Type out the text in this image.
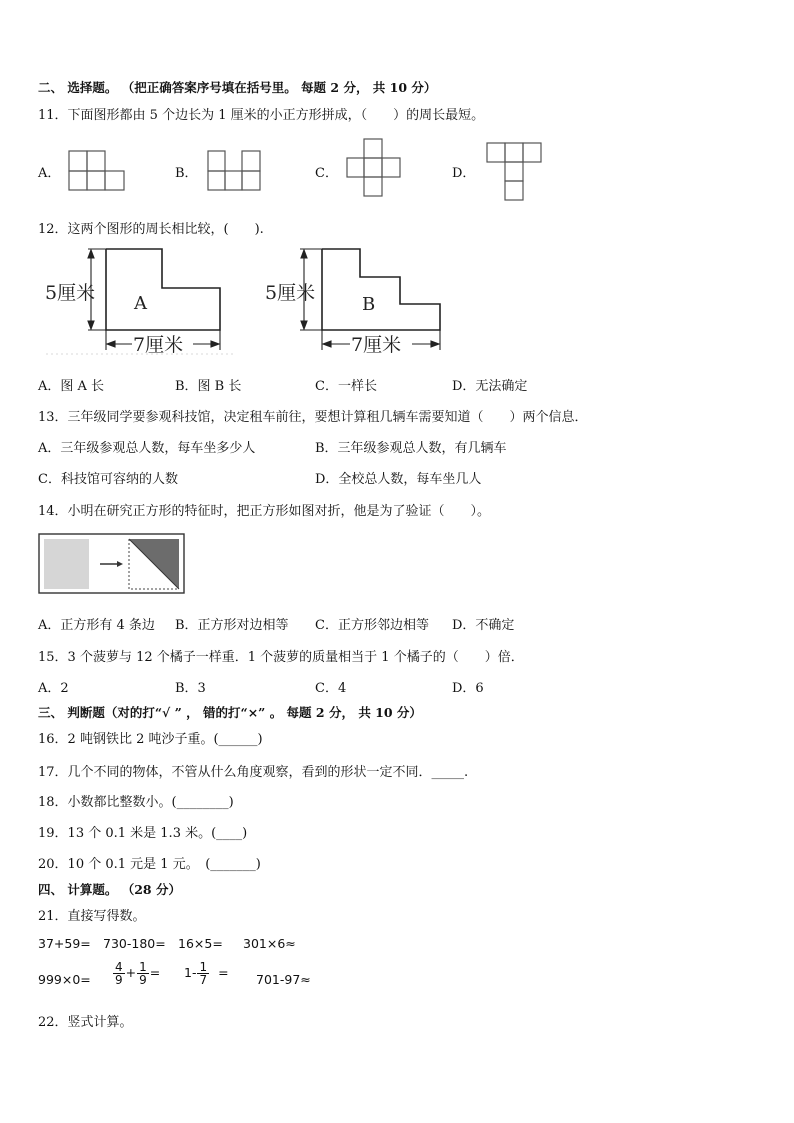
二、 选择题。 （把正确答案序号填在括号里。 每题 2 分， 共 10 分）
11．下面图形都由 5 个边长为 1 厘米的小正方形拼成，（　　）的周长最短。
A．	B．	C．	D．
12．这两个图形的周长相比较，(　　).
5厘米
7厘米
A	5厘米
7厘米
B
A．图 A 长	B．图 B 长	C．一样长	D．无法确定
13．三年级同学要参观科技馆，决定租车前往，要想计算租几辆车需要知道（　　）两个信息．
A．三年级参观总人数，每车坐多少人	B．三年级参观总人数，有几辆车
C．科技馆可容纳的人数	D．全校总人数，每车坐几人
14．小明在研究正方形的特征时，把正方形如图对折，他是为了验证（　　）。
A．正方形有 4 条边 B．正方形对边相等 C．正方形邻边相等 D．不确定
15．3 个菠萝与 12 个橘子一样重．1 个菠萝的质量相当于 1 个橘子的（　　）倍．
A．2	B．3	C．4	D．6
三、 判断题（对的打“√ ” ， 错的打“×” 。 每题 2 分， 共 10 分）
16．2 吨钢铁比 2 吨沙子重。(______)
17．几个不同的物体，不管从什么角度观察，看到的形状一定不同．_____.
18．小数都比整数小。(________)
19．13 个 0.1 米是 1.3 米。(____)
20．10 个 0.1 元是 1 元。　(_______)
四、 计算题。 （28 分）
21．直接写得数。
37+59= 730-180= 16×5= 301×6≈
$999\times 0= \frac{4}{9} + \frac{1}{9} = 1- \frac{1}{7} = 701-97\approx$
22．竖式计算。
